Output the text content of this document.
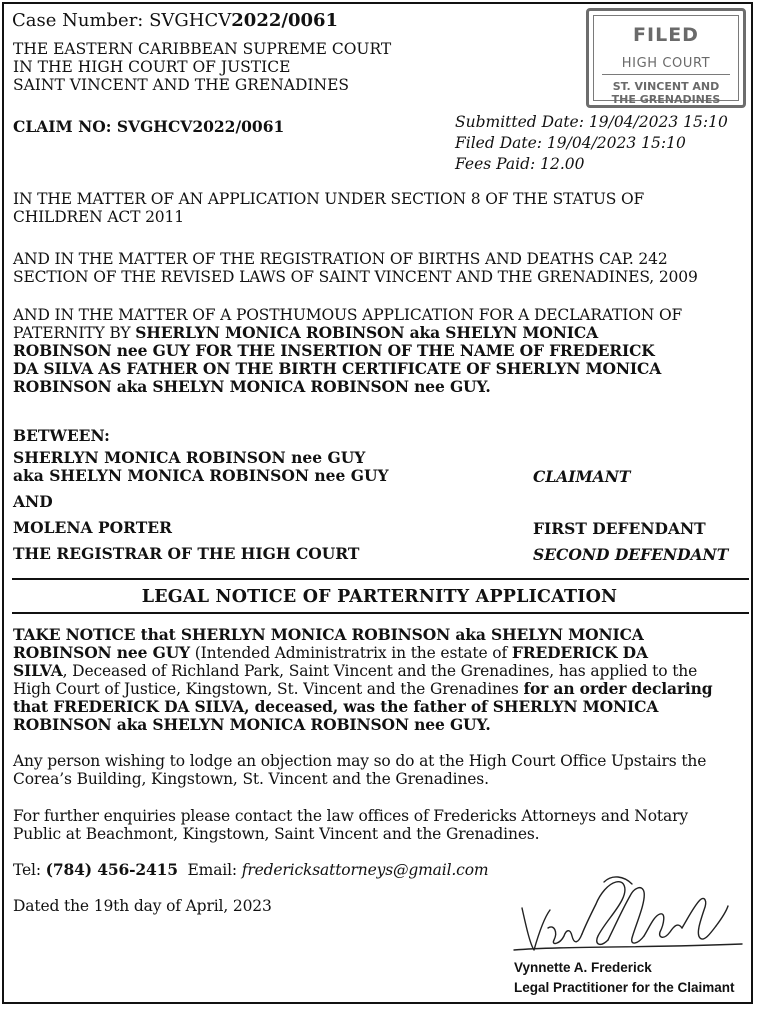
Case Number: SVGHCV2022/0061
THE EASTERN CARIBBEAN SUPREME COURT
IN THE HIGH COURT OF JUSTICE
SAINT VINCENT AND THE GRENADINES
FILED
HIGH COURT
ST. VINCENT AND
THE GRENADINES
CLAIM NO: SVGHCV2022/0061	Submitted Date: 19/04/2023 15:10
Filed Date: 19/04/2023 15:10
Fees Paid: 12.00
IN THE MATTER OF AN APPLICATION UNDER SECTION 8 OF THE STATUS OF
CHILDREN ACT 2011
AND IN THE MATTER OF THE REGISTRATION OF BIRTHS AND DEATHS CAP. 242
SECTION OF THE REVISED LAWS OF SAINT VINCENT AND THE GRENADINES, 2009
AND IN THE MATTER OF A POSTHUMOUS APPLICATION FOR A DECLARATION OF
PATERNITY BY SHERLYN MONICA ROBINSON aka SHELYN MONICA
ROBINSON nee GUY FOR THE INSERTION OF THE NAME OF FREDERICK
DA SILVA AS FATHER ON THE BIRTH CERTIFICATE OF SHERLYN MONICA
ROBINSON aka SHELYN MONICA ROBINSON nee GUY.
BETWEEN:
SHERLYN MONICA ROBINSON nee GUY
aka SHELYN MONICA ROBINSON nee GUY	CLAIMANT
AND
MOLENA PORTER	FIRST DEFENDANT
THE REGISTRAR OF THE HIGH COURT	SECOND DEFENDANT
LEGAL NOTICE OF PARTERNITY APPLICATION
TAKE NOTICE that SHERLYN MONICA ROBINSON aka SHELYN MONICA
ROBINSON nee GUY (Intended Administratrix in the estate of FREDERICK DA
SILVA, Deceased of Richland Park, Saint Vincent and the Grenadines, has applied to the
High Court of Justice, Kingstown, St. Vincent and the Grenadines for an order declaring
that FREDERICK DA SILVA, deceased, was the father of SHERLYN MONICA
ROBINSON aka SHELYN MONICA ROBINSON nee GUY.
Any person wishing to lodge an objection may so do at the High Court Office Upstairs the
Corea’s Building, Kingstown, St. Vincent and the Grenadines.
For further enquiries please contact the law offices of Fredericks Attorneys and Notary
Public at Beachmont, Kingstown, Saint Vincent and the Grenadines.
Tel: (784) 456-2415  Email: fredericksattorneys@gmail.com
Dated the 19th day of April, 2023
Vynnette A. Frederick
Legal Practitioner for the Claimant
